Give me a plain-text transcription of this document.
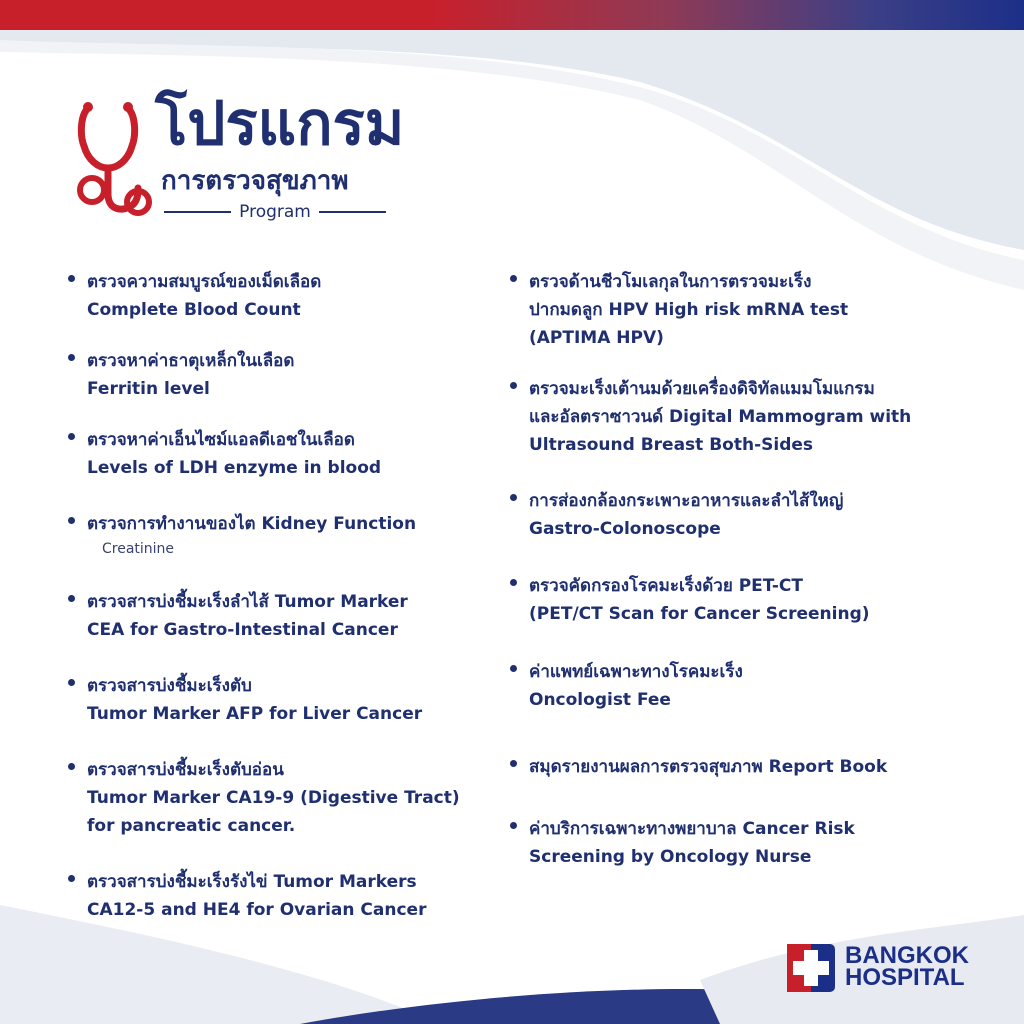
โปรแกรม
การตรวจสุขภาพ
Program
ตรวจความสมบูรณ์ของเม็ดเลือด
Complete Blood Count
ตรวจหาค่าธาตุเหล็กในเลือด
Ferritin level
ตรวจหาค่าเอ็นไซม์แอลดีเอชในเลือด
Levels of LDH enzyme in blood
ตรวจการทำงานของไต Kidney Function
Creatinine
ตรวจสารบ่งชี้มะเร็งลำไส้ Tumor Marker
CEA for Gastro-Intestinal Cancer
ตรวจสารบ่งชี้มะเร็งตับ
Tumor Marker AFP for Liver Cancer
ตรวจสารบ่งชี้มะเร็งตับอ่อน
Tumor Marker CA19-9 (Digestive Tract)
for pancreatic cancer.
ตรวจสารบ่งชี้มะเร็งรังไข่ Tumor Markers
CA12-5 and HE4 for Ovarian Cancer
ตรวจด้านชีวโมเลกุลในการตรวจมะเร็ง
ปากมดลูก HPV High risk mRNA test
(APTIMA HPV)
ตรวจมะเร็งเต้านมด้วยเครื่องดิจิทัลแมมโมแกรม
และอัลตราซาวนด์ Digital Mammogram with
Ultrasound Breast Both-Sides
การส่องกล้องกระเพาะอาหารและลำไส้ใหญ่
Gastro-Colonoscope
ตรวจคัดกรองโรคมะเร็งด้วย PET-CT
(PET/CT Scan for Cancer Screening)
ค่าแพทย์เฉพาะทางโรคมะเร็ง
Oncologist Fee
สมุดรายงานผลการตรวจสุขภาพ Report Book
ค่าบริการเฉพาะทางพยาบาล Cancer Risk
Screening by Oncology Nurse
BANGKOK
HOSPITAL
